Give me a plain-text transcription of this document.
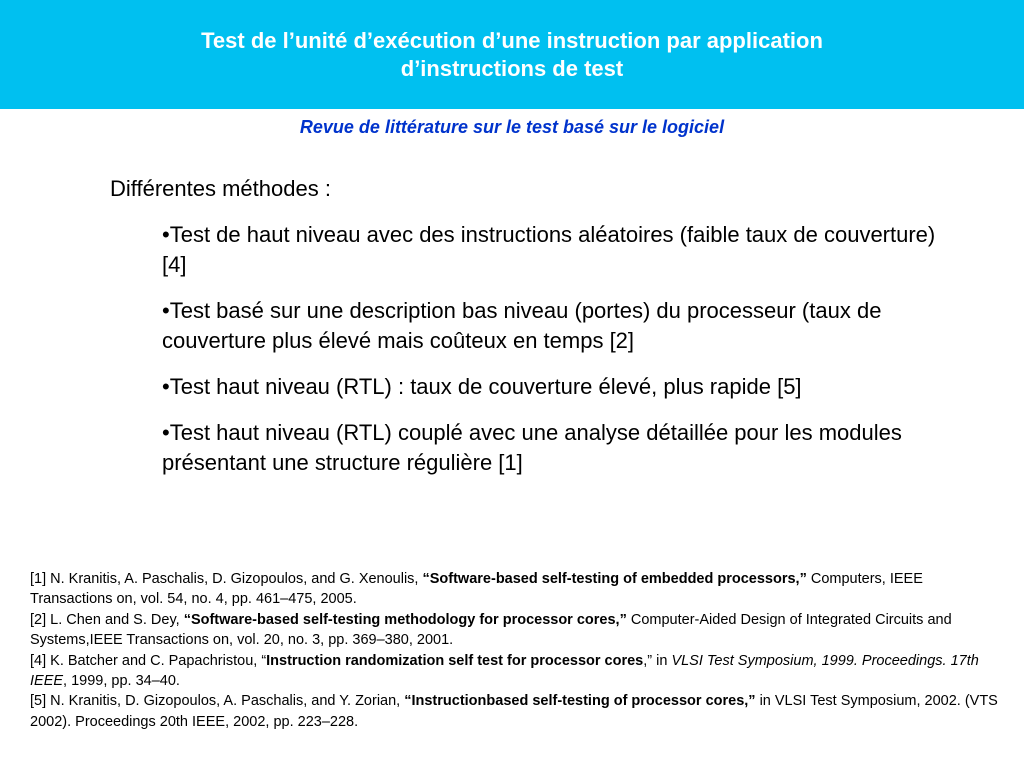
Test de l’unité d’exécution d’une instruction par application
d’instructions de test
Revue de littérature sur le test basé sur le logiciel
Différentes méthodes :

•Test de haut niveau avec des instructions aléatoires (faible taux de couverture) [4]

•Test basé sur une description bas niveau (portes) du processeur (taux de couverture plus élevé mais coûteux en temps [2]

•Test haut niveau (RTL) : taux de couverture élevé, plus rapide [5]

•Test haut niveau (RTL) couplé avec une analyse détaillée pour les modules présentant une structure régulière [1]

[1] N. Kranitis, A. Paschalis, D. Gizopoulos, and G. Xenoulis, “Software-based self-testing of embedded processors,” Computers, IEEE Transactions on, vol. 54, no. 4, pp. 461–475, 2005.

[2] L. Chen and S. Dey, “Software-based self-testing methodology for processor cores,” Computer-Aided Design of Integrated Circuits and Systems,IEEE Transactions on, vol. 20, no. 3, pp. 369–380, 2001.

[4] K. Batcher and C. Papachristou, “Instruction randomization self test for processor cores,” in VLSI Test Symposium, 1999. Proceedings. 17th IEEE, 1999, pp. 34–40.

[5] N. Kranitis, D. Gizopoulos, A. Paschalis, and Y. Zorian, “Instructionbased self-testing of processor cores,” in VLSI Test Symposium, 2002. (VTS 2002). Proceedings 20th IEEE, 2002, pp. 223–228.
